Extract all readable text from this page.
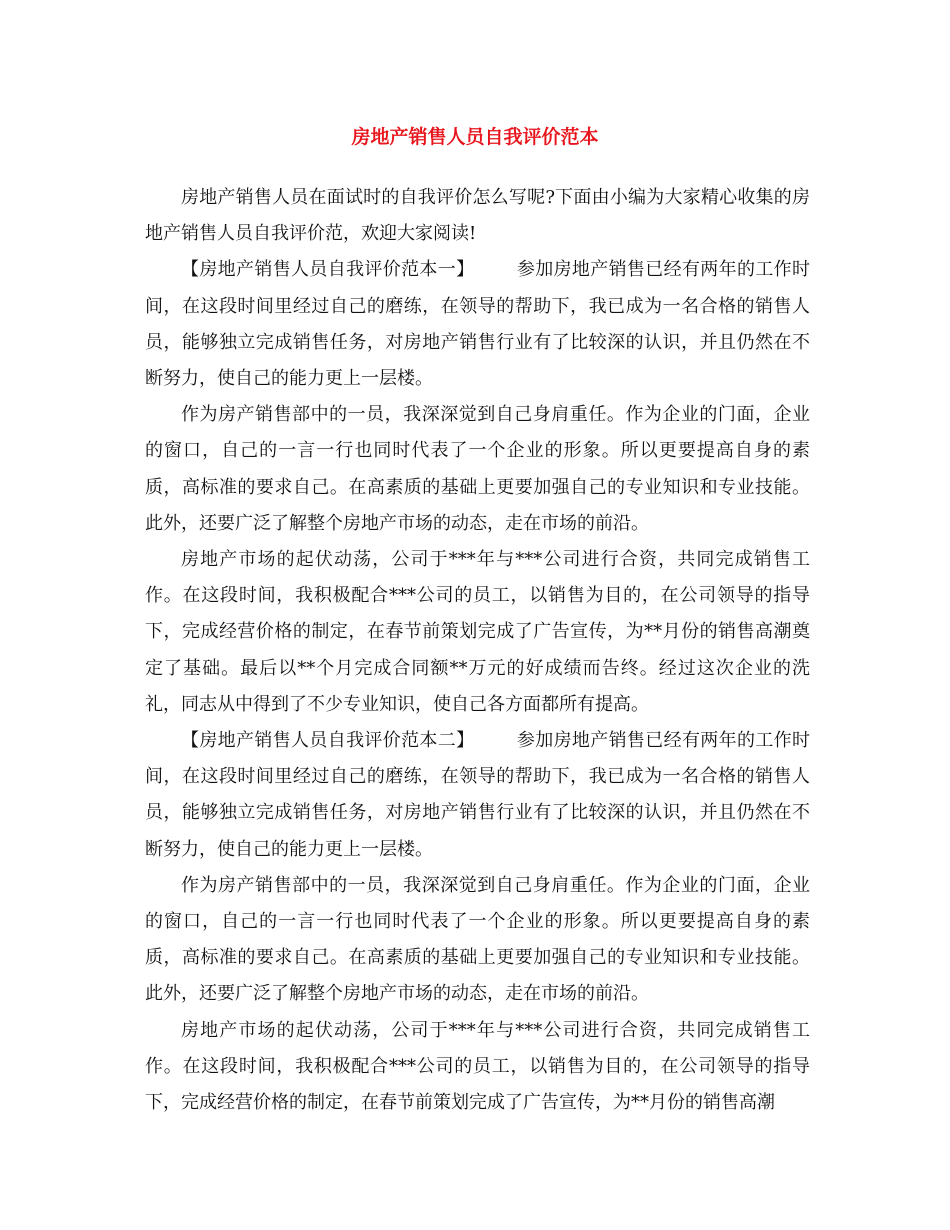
房地产销售人员自我评价范本

房地产销售人员在面试时的自我评价怎么写呢?下面由小编为大家精心收集的房地产销售人员自我评价范，欢迎大家阅读!

【房地产销售人员自我评价范本一】 参加房地产销售已经有两年的工作时间，在这段时间里经过自己的磨练，在领导的帮助下，我已成为一名合格的销售人员，能够独立完成销售任务，对房地产销售行业有了比较深的认识，并且仍然在不断努力，使自己的能力更上一层楼。

作为房产销售部中的一员，我深深觉到自己身肩重任。作为企业的门面，企业的窗口，自己的一言一行也同时代表了一个企业的形象。所以更要提高自身的素质，高标准的要求自己。在高素质的基础上更要加强自己的专业知识和专业技能。此外，还要广泛了解整个房地产市场的动态，走在市场的前沿。

房地产市场的起伏动荡，公司于***年与***公司进行合资，共同完成销售工作。在这段时间，我积极配合***公司的员工，以销售为目的，在公司领导的指导下，完成经营价格的制定，在春节前策划完成了广告宣传，为**月份的销售高潮奠定了基础。最后以**个月完成合同额**万元的好成绩而告终。经过这次企业的洗礼，同志从中得到了不少专业知识，使自己各方面都所有提高。

【房地产销售人员自我评价范本二】 参加房地产销售已经有两年的工作时间，在这段时间里经过自己的磨练，在领导的帮助下，我已成为一名合格的销售人员，能够独立完成销售任务，对房地产销售行业有了比较深的认识，并且仍然在不断努力，使自己的能力更上一层楼。

作为房产销售部中的一员，我深深觉到自己身肩重任。作为企业的门面，企业的窗口，自己的一言一行也同时代表了一个企业的形象。所以更要提高自身的素质，高标准的要求自己。在高素质的基础上更要加强自己的专业知识和专业技能。此外，还要广泛了解整个房地产市场的动态，走在市场的前沿。

房地产市场的起伏动荡，公司于***年与***公司进行合资，共同完成销售工作。在这段时间，我积极配合***公司的员工，以销售为目的，在公司领导的指导下，完成经营价格的制定，在春节前策划完成了广告宣传，为**月份的销售高潮
